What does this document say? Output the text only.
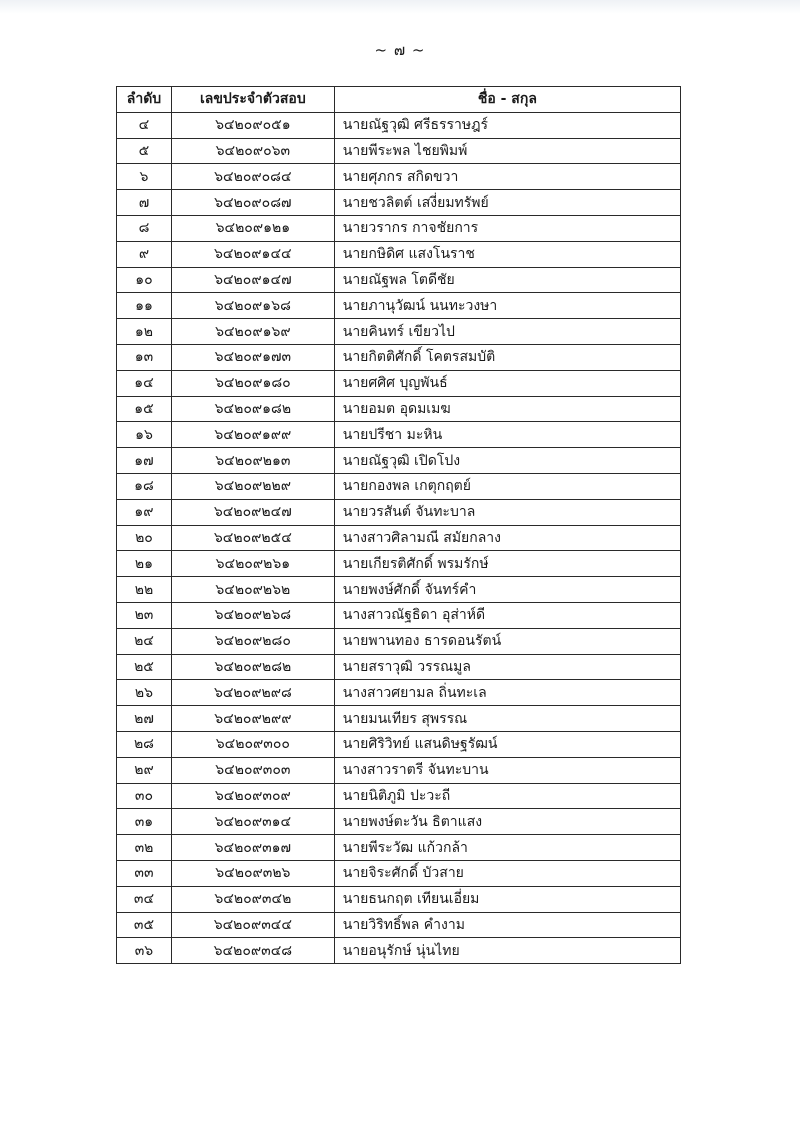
~ ๗ ~
ลำดับ	เลขประจำตัวสอบ	ชื่อ - สกุล
๔	๖๔๒๐๙๐๕๑	นายณัฐวุฒิ ศรีธรราษฎร์
๕	๖๔๒๐๙๐๖๓	นายพีระพล ไชยพิมพ์
๖	๖๔๒๐๙๐๘๔	นายศุภกร สกิดขวา
๗	๖๔๒๐๙๐๘๗	นายชวลิตต์ เสงี่ยมทรัพย์
๘	๖๔๒๐๙๑๒๑	นายวรากร กาจชัยการ
๙	๖๔๒๐๙๑๔๔	นายกษิดิศ แสงโนราช
๑๐	๖๔๒๐๙๑๔๗	นายณัฐพล โตดีชัย
๑๑	๖๔๒๐๙๑๖๘	นายภานุวัฒน์ นนทะวงษา
๑๒	๖๔๒๐๙๑๖๙	นายคินทร์ เขียวไป
๑๓	๖๔๒๐๙๑๗๓	นายกิตติศักดิ์ โคตรสมบัติ
๑๔	๖๔๒๐๙๑๘๐	นายศศิศ บุญพันธ์
๑๕	๖๔๒๐๙๑๘๒	นายอมต อุดมเมฆ
๑๖	๖๔๒๐๙๑๙๙	นายปรีชา มะหิน
๑๗	๖๔๒๐๙๒๑๓	นายณัฐวุฒิ เปิดโปง
๑๘	๖๔๒๐๙๒๒๙	นายกองพล เกตุกฤตย์
๑๙	๖๔๒๐๙๒๔๗	นายวรสันต์ จันทะบาล
๒๐	๖๔๒๐๙๒๕๔	นางสาวศิลามณี สมัยกลาง
๒๑	๖๔๒๐๙๒๖๑	นายเกียรติศักดิ์ พรมรักษ์
๒๒	๖๔๒๐๙๒๖๒	นายพงษ์ศักดิ์ จันทร์คำ
๒๓	๖๔๒๐๙๒๖๘	นางสาวณัฐธิดา อุส่าห์ดี
๒๔	๖๔๒๐๙๒๘๐	นายพานทอง ธารดอนรัตน์
๒๕	๖๔๒๐๙๒๘๒	นายสราวุฒิ วรรณมูล
๒๖	๖๔๒๐๙๒๙๘	นางสาวศยามล ถิ่นทะเล
๒๗	๖๔๒๐๙๒๙๙	นายมนเทียร สุพรรณ
๒๘	๖๔๒๐๙๓๐๐	นายศิริวิทย์ แสนดิษฐรัฒน์
๒๙	๖๔๒๐๙๓๐๓	นางสาวราตรี จันทะบาน
๓๐	๖๔๒๐๙๓๐๙	นายนิติภูมิ ปะวะถี
๓๑	๖๔๒๐๙๓๑๔	นายพงษ์ตะวัน ธิตาแสง
๓๒	๖๔๒๐๙๓๑๗	นายพีระวัฒ แก้วกล้า
๓๓	๖๔๒๐๙๓๒๖	นายจิระศักดิ์ บัวสาย
๓๔	๖๔๒๐๙๓๔๒	นายธนกฤต เทียนเอี่ยม
๓๕	๖๔๒๐๙๓๔๔	นายวิริทธิ์พล คำงาม
๓๖	๖๔๒๐๙๓๔๘	นายอนุรักษ์ นุ่นไทย
